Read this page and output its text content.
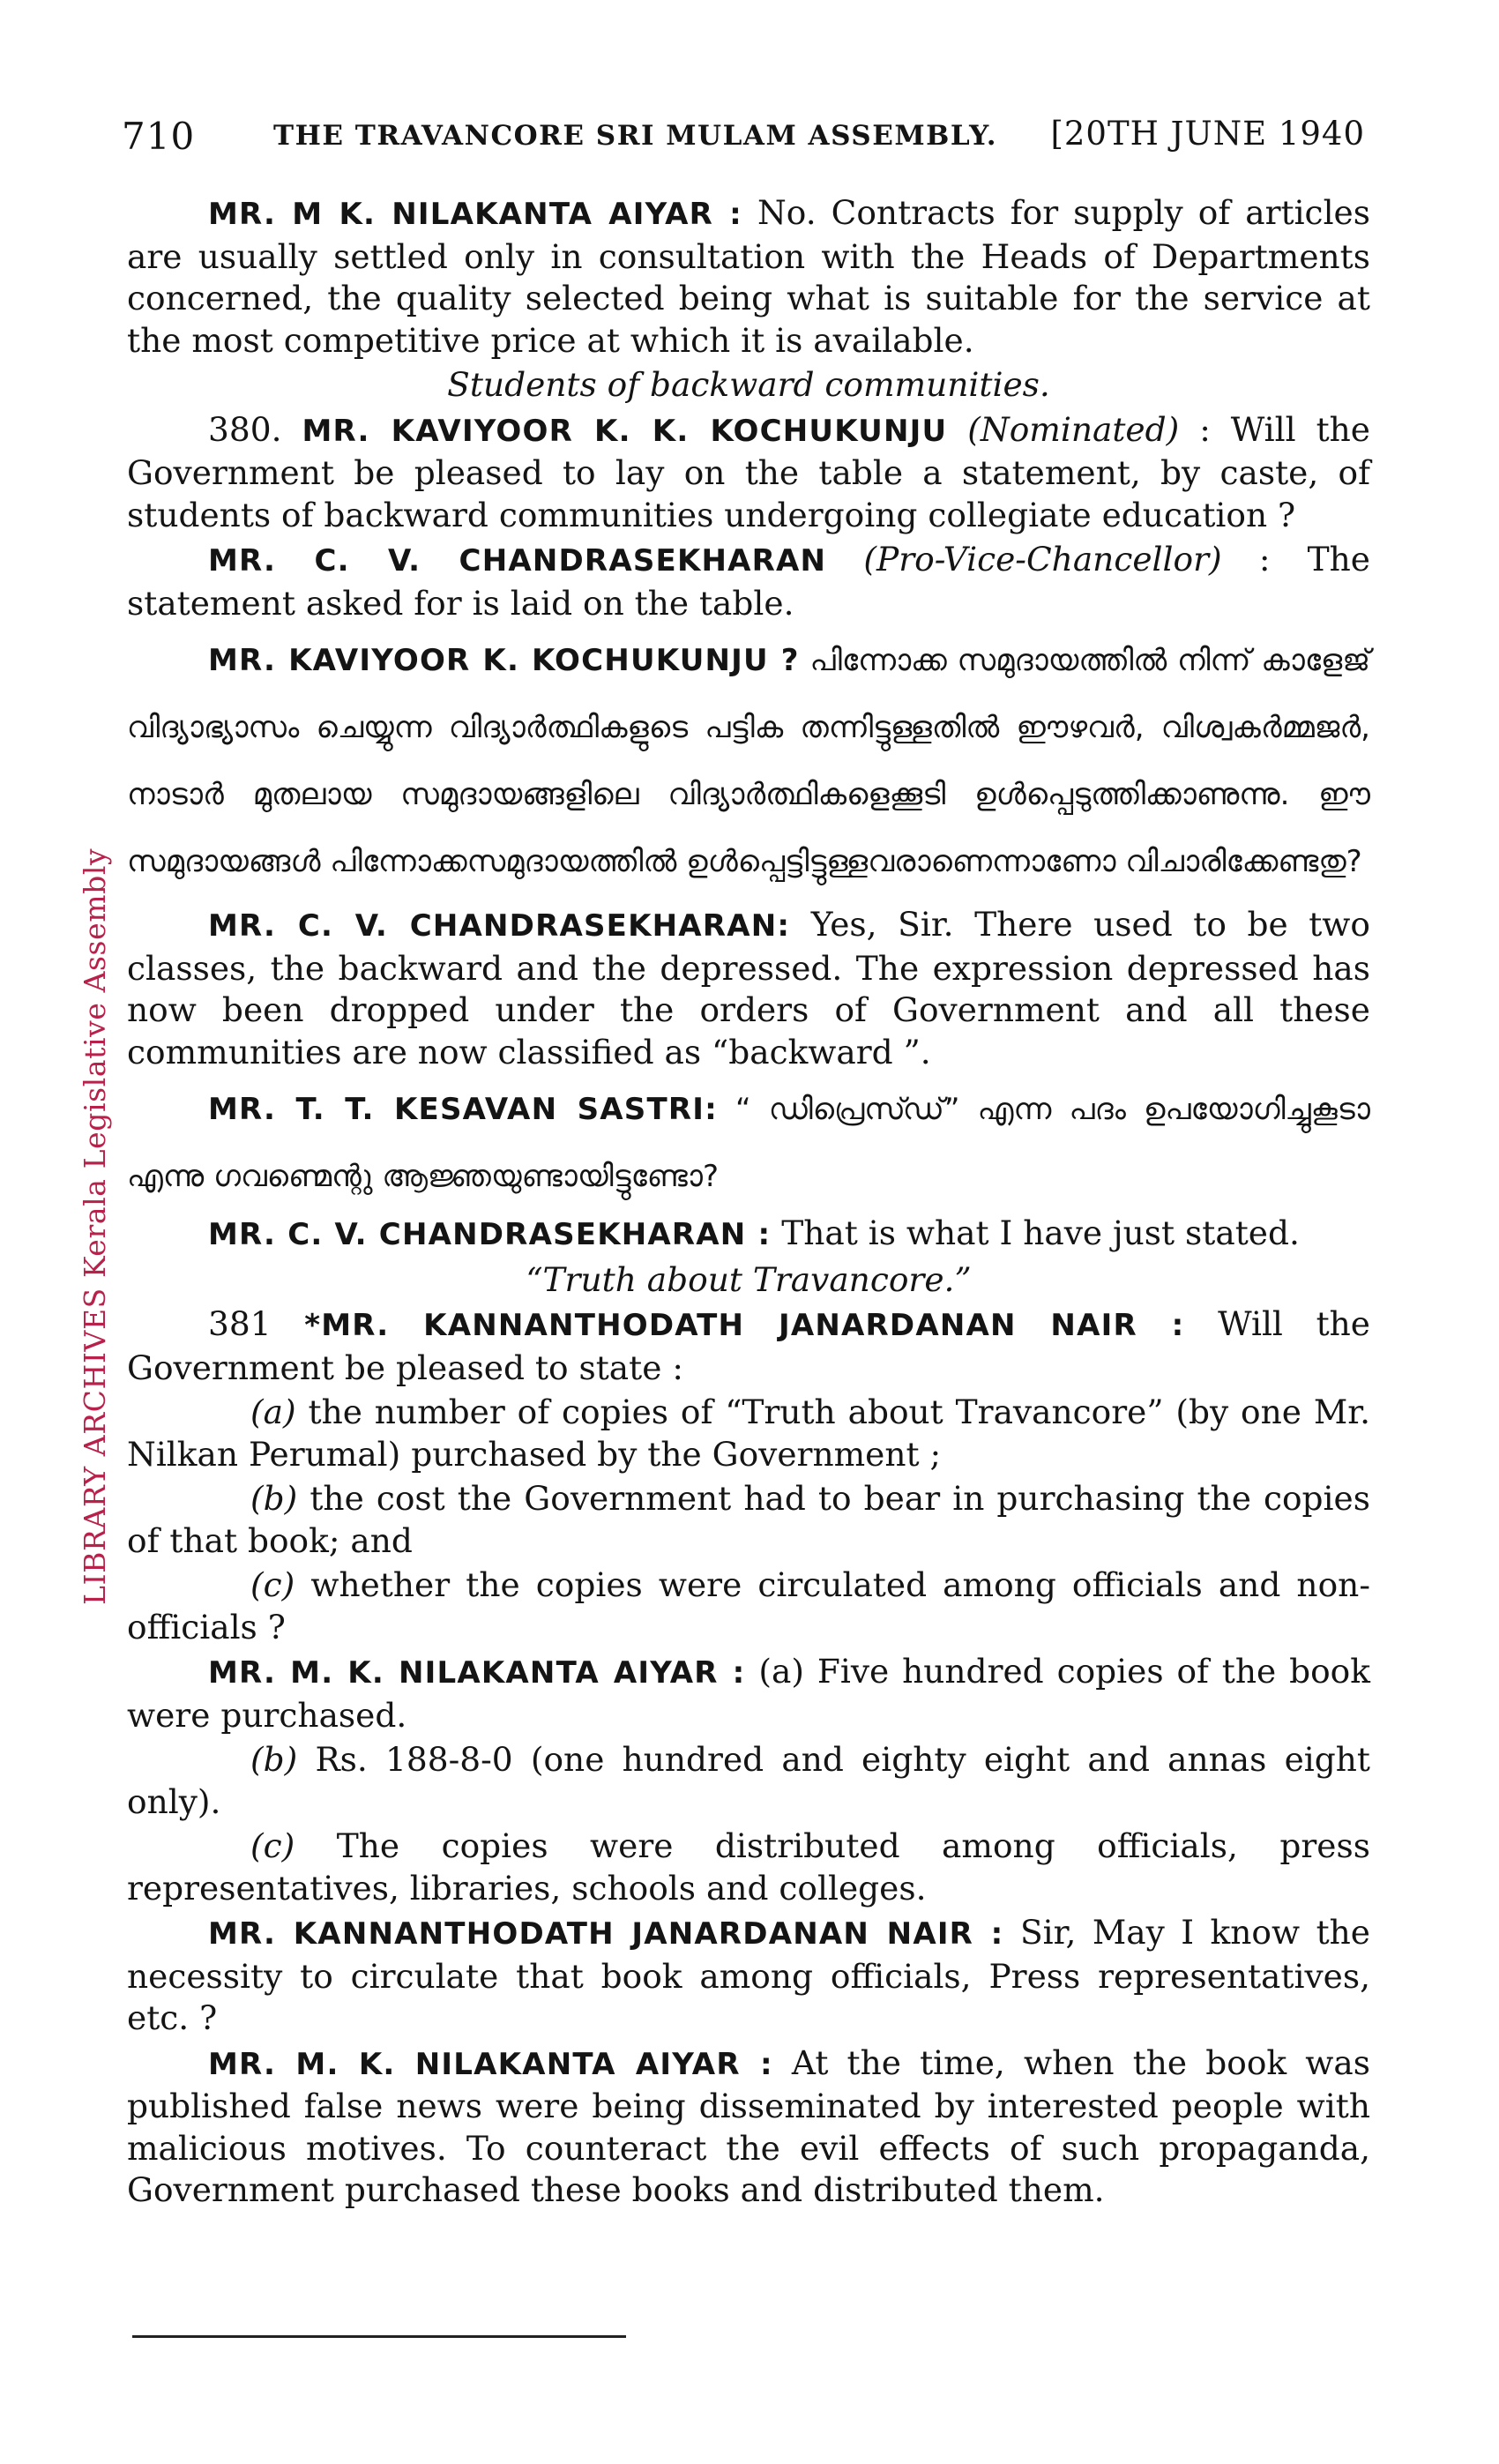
710	THE TRAVANCORE SRI MULAM ASSEMBLY. [20TH JUNE 1940
LIBRARY ARCHIVES Kerala Legislative Assembly

MR. M K. NILAKANTA AIYAR : No. Contracts for supply of articles are usually settled only in consultation with the Heads of Departments concerned, the quality selected being what is suitable for the service at the most competitive price at which it is available.

Students of backward communities.

380. MR. KAVIYOOR K. K. KOCHUKUNJU (Nominated) : Will the Government be pleased to lay on the table a statement, by caste, of students of backward communities undergoing collegiate education ?

MR. C. V. CHANDRASEKHARAN (Pro-Vice-Chancellor) : The statement asked for is laid on the table.

MR. KAVIYOOR K. KOCHUKUNJU ? പിന്നോക്ക സമുദായത്തിൽ നിന്ന് കാളേജ് വിദ്യാഭ്യാസം ചെയ്യുന്ന വിദ്യാർത്ഥികളുടെ പട്ടിക തന്നിട്ടുള്ളതിൽ ഈഴവർ, വിശ്വകർമ്മജർ, നാടാർ മുതലായ സമുദായങ്ങളിലെ വിദ്യാർത്ഥികളെക്കൂടി ഉൾപ്പെടുത്തിക്കാണുന്നു. ഈ സമുദായങ്ങൾ പിന്നോക്കസമുദായത്തിൽ ഉൾപ്പെട്ടിട്ടുള്ളവരാണെന്നാണോ വിചാരിക്കേണ്ടതു?

MR. C. V. CHANDRASEKHARAN: Yes, Sir. There used to be two classes, the backward and the depressed. The expression depressed has now been dropped under the orders of Government and all these communities are now classified as “backward ”.

MR. T. T. KESAVAN SASTRI: “ ഡിപ്രെസ്ഡ്” എന്ന പദം ഉപയോഗിച്ചുകൂടാ എന്നു ഗവണ്മെന്റു ആജ്ഞയുണ്ടായിട്ടുണ്ടോ?

MR. C. V. CHANDRASEKHARAN : That is what I have just stated.

“Truth about Travancore.”

381 *MR. KANNANTHODATH JANARDANAN NAIR : Will the Government be pleased to state :

(a) the number of copies of “Truth about Travancore” (by one Mr. Nilkan Perumal) purchased by the Government ;

(b) the cost the Government had to bear in purchasing the copies of that book; and

(c) whether the copies were circulated among officials and non-officials ?

MR. M. K. NILAKANTA AIYAR : (a) Five hundred copies of the book were purchased.

(b) Rs. 188-8-0 (one hundred and eighty eight and annas eight only).

(c) The copies were distributed among officials, press representatives, libraries, schools and colleges.

MR. KANNANTHODATH JANARDANAN NAIR : Sir, May I know the necessity to circulate that book among officials, Press representatives, etc. ?

MR. M. K. NILAKANTA AIYAR : At the time, when the book was published false news were being disseminated by interested people with malicious motives. To counteract the evil effects of such propaganda, Government purchased these books and distributed them.
